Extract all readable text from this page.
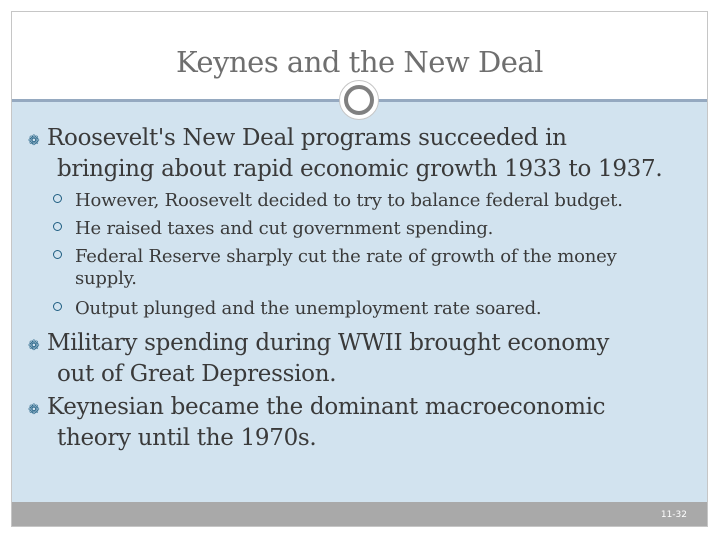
Keynes and the New Deal
❁ Roosevelt's New Deal programs succeeded in
bringing about rapid economic growth 1933 to 1937.
However, Roosevelt decided to try to balance federal budget.
He raised taxes and cut government spending.
Federal Reserve sharply cut the rate of growth of the money
supply.
Output plunged and the unemployment rate soared.
❁ Military spending during WWII brought economy
out of Great Depression.
❁ Keynesian became the dominant macroeconomic
theory until the 1970s.
11-32
